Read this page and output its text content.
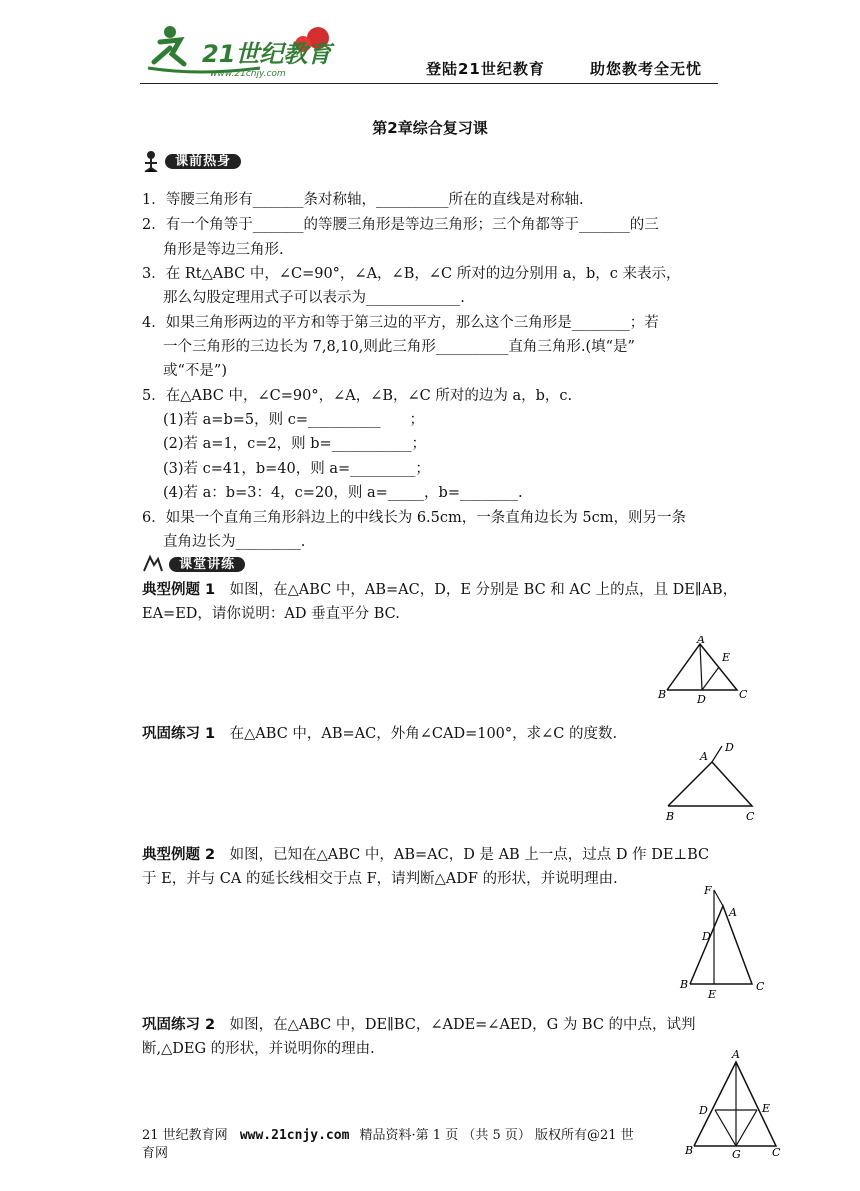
21世纪教育
www.21cnjy.com	登陆21世纪教育	助您教考全无忧
第2章综合复习课
课前热身
1．等腰三角形有_______条对称轴，__________所在的直线是对称轴.
2．有一个角等于_______的等腰三角形是等边三角形；三个角都等于_______的三
角形是等边三角形.
3．在 Rt△ABC 中，∠C=90°，∠A，∠B，∠C 所对的边分别用 a，b，c 来表示，
那么勾股定理用式子可以表示为_____________.
4．如果三角形两边的平方和等于第三边的平方，那么这个三角形是________；若
一个三角形的三边长为 7,8,10,则此三角形__________直角三角形.(填“是”
或“不是”)
5．在△ABC 中，∠C=90°，∠A，∠B，∠C 所对的边为 a，b，c.
(1)若 a=b=5，则 c=__________　　；
(2)若 a=1，c=2，则 b=___________；
(3)若 c=41，b=40，则 a=_________；
(4)若 a：b=3：4，c=20，则 a=_____，b=________.
6．如果一个直角三角形斜边上的中线长为 6.5cm，一条直角边长为 5cm，则另一条
直角边长为_________.
课堂讲练
典型例题 1　如图，在△ABC 中，AB=AC，D，E 分别是 BC 和 AC 上的点，且 DE∥AB，
EA=ED，请你说明：AD 垂直平分 BC.
A
B	C
D
E
巩固练习 1　在△ABC 中，AB=AC，外角∠CAD=100°，求∠C 的度数.
A
D
B	C
典型例题 2　如图，已知在△ABC 中，AB=AC，D 是 AB 上一点，过点 D 作 DE⊥BC
于 E，并与 CA 的延长线相交于点 F，请判断△ADF 的形状，并说明理由.
F
A
D
B
E
C
巩固练习 2　如图，在△ABC 中，DE∥BC，∠ADE=∠AED，G 为 BC 的中点，试判
断,△DEG 的形状，并说明你的理由.	A
D	E
B	G	C
21 世纪教育网 www.21cnjy.com 精品资料·第 1 页 （共 5 页） 版权所有@21 世
育网
